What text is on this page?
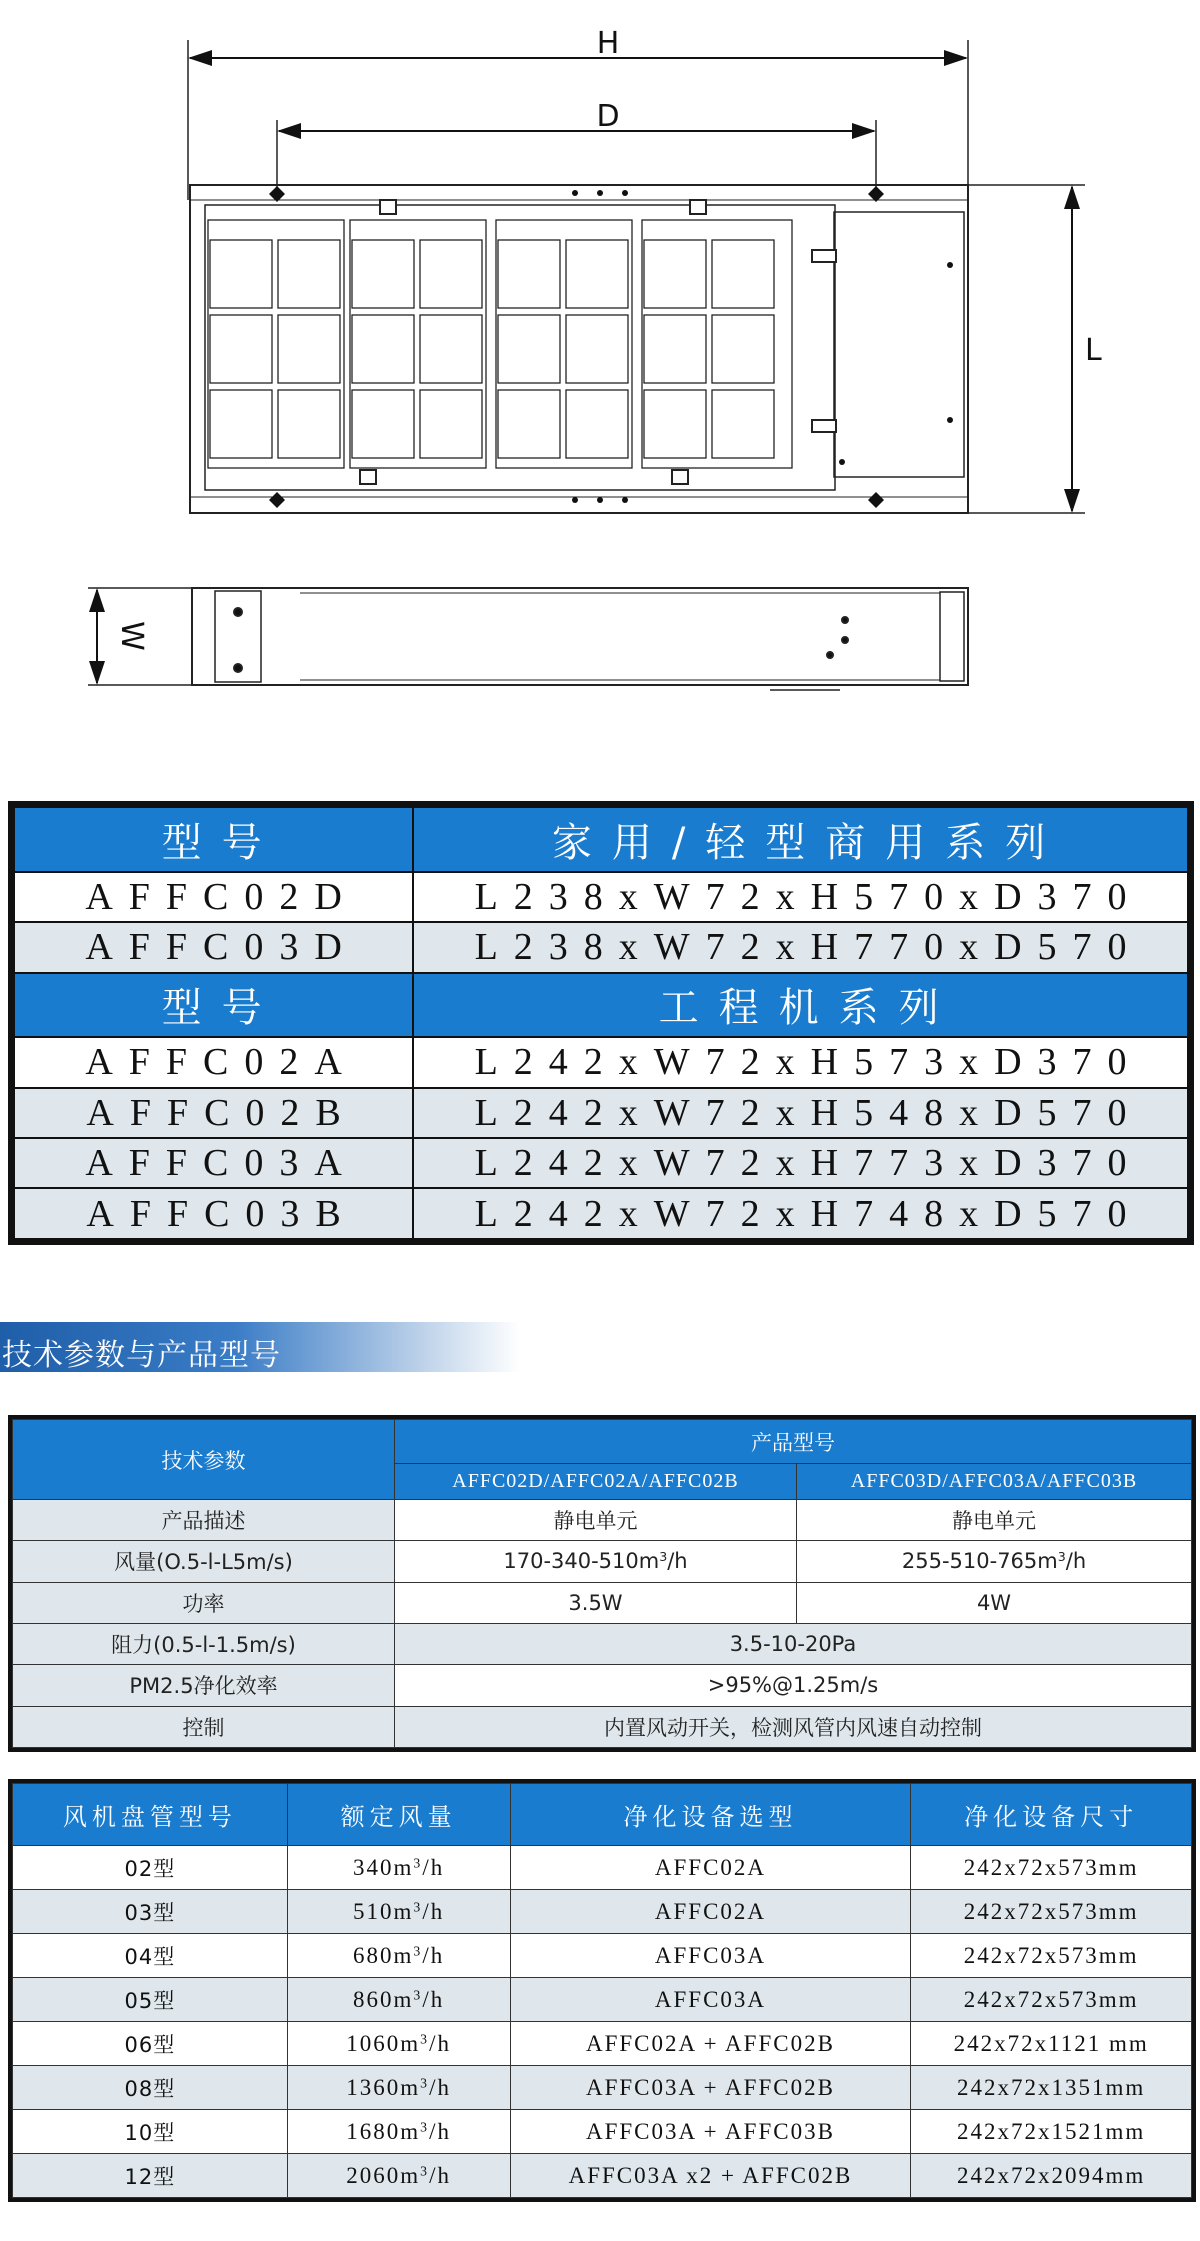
H
D
L
W
型号	家用/轻型商用系列
AFFC02D	L238xW72xH570xD370
AFFC03D	L238xW72xH770xD570
型号	工程机系列
AFFC02A	L242xW72xH573xD370
AFFC02B	L242xW72xH548xD570
AFFC03A	L242xW72xH773xD370
AFFC03B	L242xW72xH748xD570
技术参数与产品型号
技术参数	产品型号	
	AFFC02D/AFFC02A/AFFC02B	AFFC03D/AFFC03A/AFFC03B
产品描述	静电单元	静电单元
风量(O.5-l-L5m/s)	$170-340-510m^3/h$	$255-510-765m^3/h$
功率	3.5W	4W
阻力(0.5-l-1.5m/s)	3.5-10-20Pa	
PM2.5净化效率	>95%@1.25m/s	
控制	内置风动开关，检测风管内风速自动控制	
风机盘管型号	额定风量	净化设备选型	净化设备尺寸
02型	$340m^3/h$	AFFC02A	242x72x573mm
03型	$510m^3/h$	AFFC02A	242x72x573mm
04型	$680m^3/h$	AFFC03A	242x72x573mm
05型	$860m^3/h$	AFFC03A	242x72x573mm
06型	$1060m^3/h$	AFFC02A + AFFC02B	242x72x1121 mm
08型	$1360m^3/h$	AFFC03A + AFFC02B	242x72x1351mm
10型	$1680m^3/h$	AFFC03A + AFFC03B	242x72x1521mm
12型	$2060m^3/h$	AFFC03A x2 + AFFC02B	242x72x2094mm
